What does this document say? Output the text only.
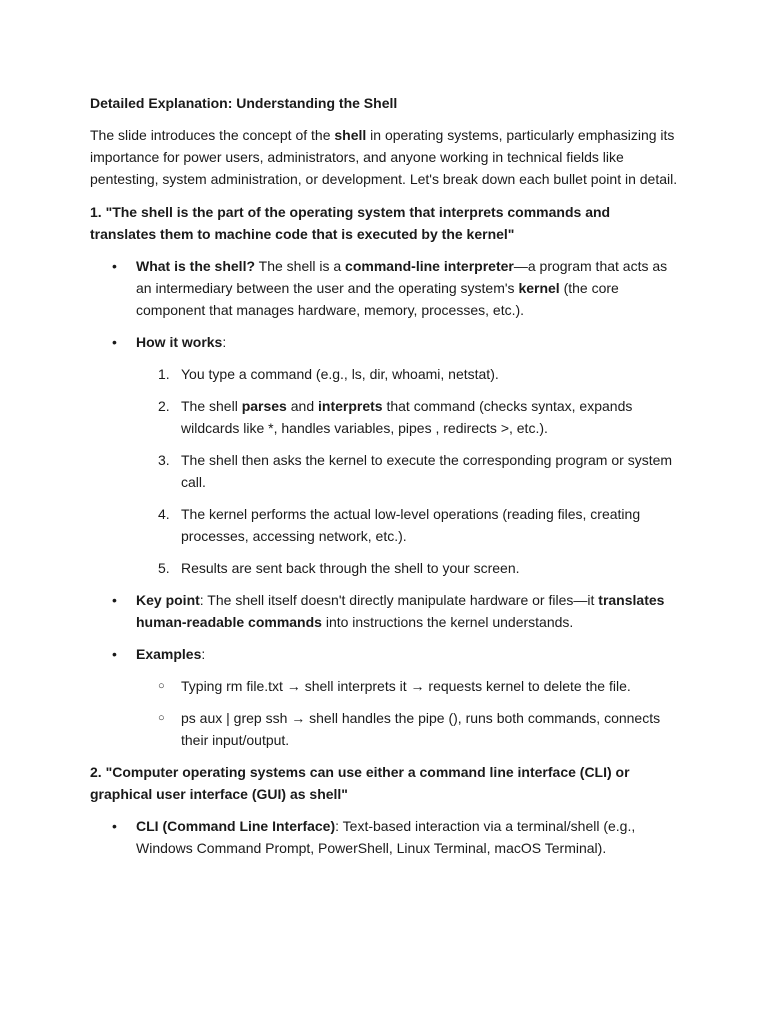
Detailed Explanation: Understanding the Shell

The slide introduces the concept of the shell in operating systems, particularly emphasizing its importance for power users, administrators, and anyone working in technical fields like pentesting, system administration, or development. Let's break down each bullet point in detail.

1. "The shell is the part of the operating system that interprets commands and translates them to machine code that is executed by the kernel"

• What is the shell? The shell is a command-line interpreter—a program that acts as an intermediary between the user and the operating system's kernel (the core component that manages hardware, memory, processes, etc.).
• How it works:
1. You type a command (e.g., ls, dir, whoami, netstat).
2. The shell parses and interprets that command (checks syntax, expands wildcards like *, handles variables, pipes , redirects >, etc.).
3. The shell then asks the kernel to execute the corresponding program or system call.
4. The kernel performs the actual low-level operations (reading files, creating processes, accessing network, etc.).
5. Results are sent back through the shell to your screen.
• Key point: The shell itself doesn't directly manipulate hardware or files—it translates human-readable commands into instructions the kernel understands.
• Examples:
○ Typing rm file.txt → shell interprets it → requests kernel to delete the file.
○ ps aux | grep ssh → shell handles the pipe (), runs both commands, connects their input/output.

2. "Computer operating systems can use either a command line interface (CLI) or graphical user interface (GUI) as shell"

• CLI (Command Line Interface): Text-based interaction via a terminal/shell (e.g., Windows Command Prompt, PowerShell, Linux Terminal, macOS Terminal).
